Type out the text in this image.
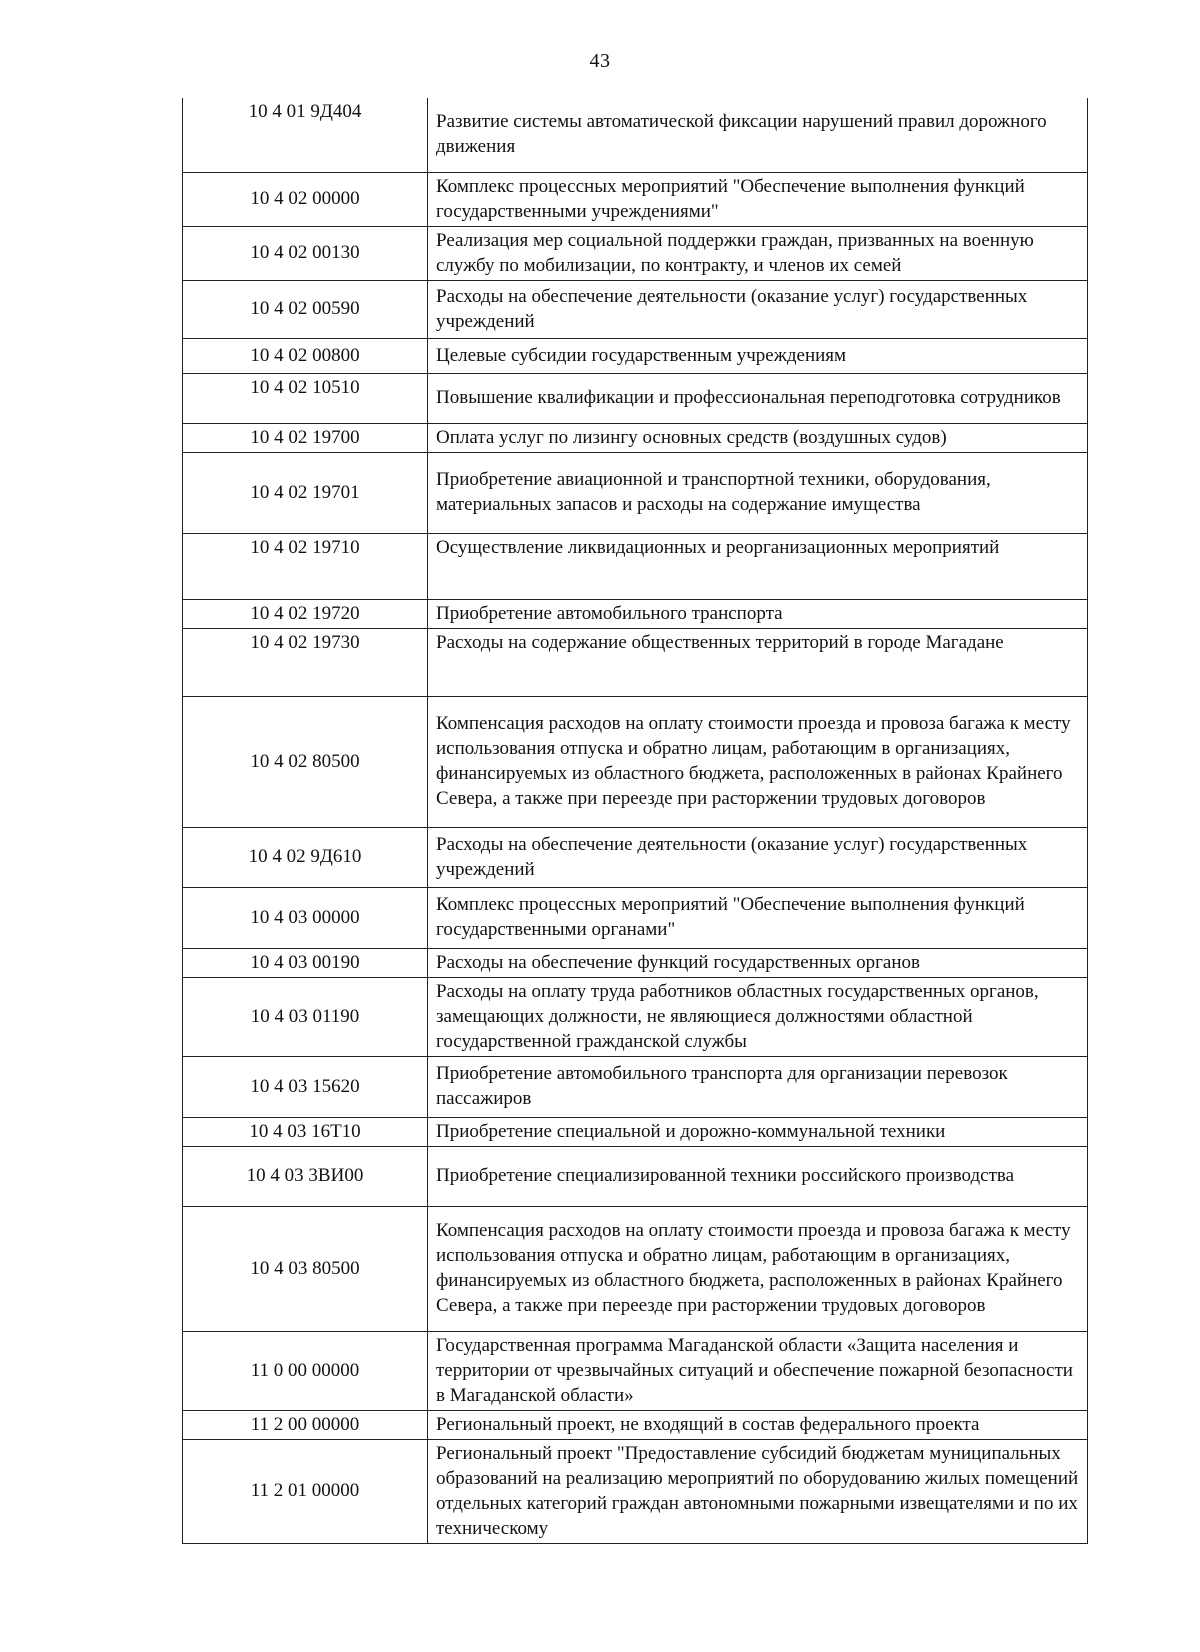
43
10 4 01 9Д404	Развитие системы автоматической фиксации нарушений правил дорожного движения
10 4 02 00000	Комплекс процессных мероприятий "Обеспечение выполнения функций государственными учреждениями"
10 4 02 00130	Реализация мер социальной поддержки граждан, призванных на военную службу по мобилизации, по контракту, и членов их семей
10 4 02 00590	Расходы на обеспечение деятельности (оказание услуг) государственных учреждений
10 4 02 00800	Целевые субсидии государственным учреждениям
10 4 02 10510	Повышение квалификации и профессиональная переподготовка сотрудников
10 4 02 19700	Оплата услуг по лизингу основных средств (воздушных судов)
10 4 02 19701	Приобретение авиационной и транспортной техники, оборудования, материальных запасов и расходы на содержание имущества
10 4 02 19710	Осуществление ликвидационных и реорганизационных мероприятий
10 4 02 19720	Приобретение автомобильного транспорта
10 4 02 19730	Расходы на содержание общественных территорий в городе Магадане
10 4 02 80500	Компенсация расходов на оплату стоимости проезда и провоза багажа к месту использования отпуска и обратно лицам, работающим в организациях, финансируемых из областного бюджета, расположенных в районах Крайнего Севера, а также при переезде при расторжении трудовых договоров
10 4 02 9Д610	Расходы на обеспечение деятельности (оказание услуг) государственных учреждений
10 4 03 00000	Комплекс процессных мероприятий "Обеспечение выполнения функций государственными органами"
10 4 03 00190	Расходы на обеспечение функций государственных органов
10 4 03 01190	Расходы на оплату труда работников областных государственных органов, замещающих должности, не являющиеся должностями областной государственной гражданской службы
10 4 03 15620	Приобретение автомобильного транспорта для организации перевозок пассажиров
10 4 03 16Т10	Приобретение специальной и дорожно-коммунальной техники
10 4 03 3ВИ00	Приобретение специализированной техники российского производства
10 4 03 80500	Компенсация расходов на оплату стоимости проезда и провоза багажа к месту использования отпуска и обратно лицам, работающим в организациях, финансируемых из областного бюджета, расположенных в районах Крайнего Севера, а также при переезде при расторжении трудовых договоров
11 0 00 00000	Государственная программа Магаданской области «Защита населения и территории от чрезвычайных ситуаций и обеспечение пожарной безопасности в Магаданской области»
11 2 00 00000	Региональный проект, не входящий в состав федерального проекта
11 2 01 00000	Региональный проект "Предоставление субсидий бюджетам муниципальных образований на реализацию мероприятий по оборудованию жилых помещений отдельных категорий граждан автономными пожарными извещателями и по их техническому
